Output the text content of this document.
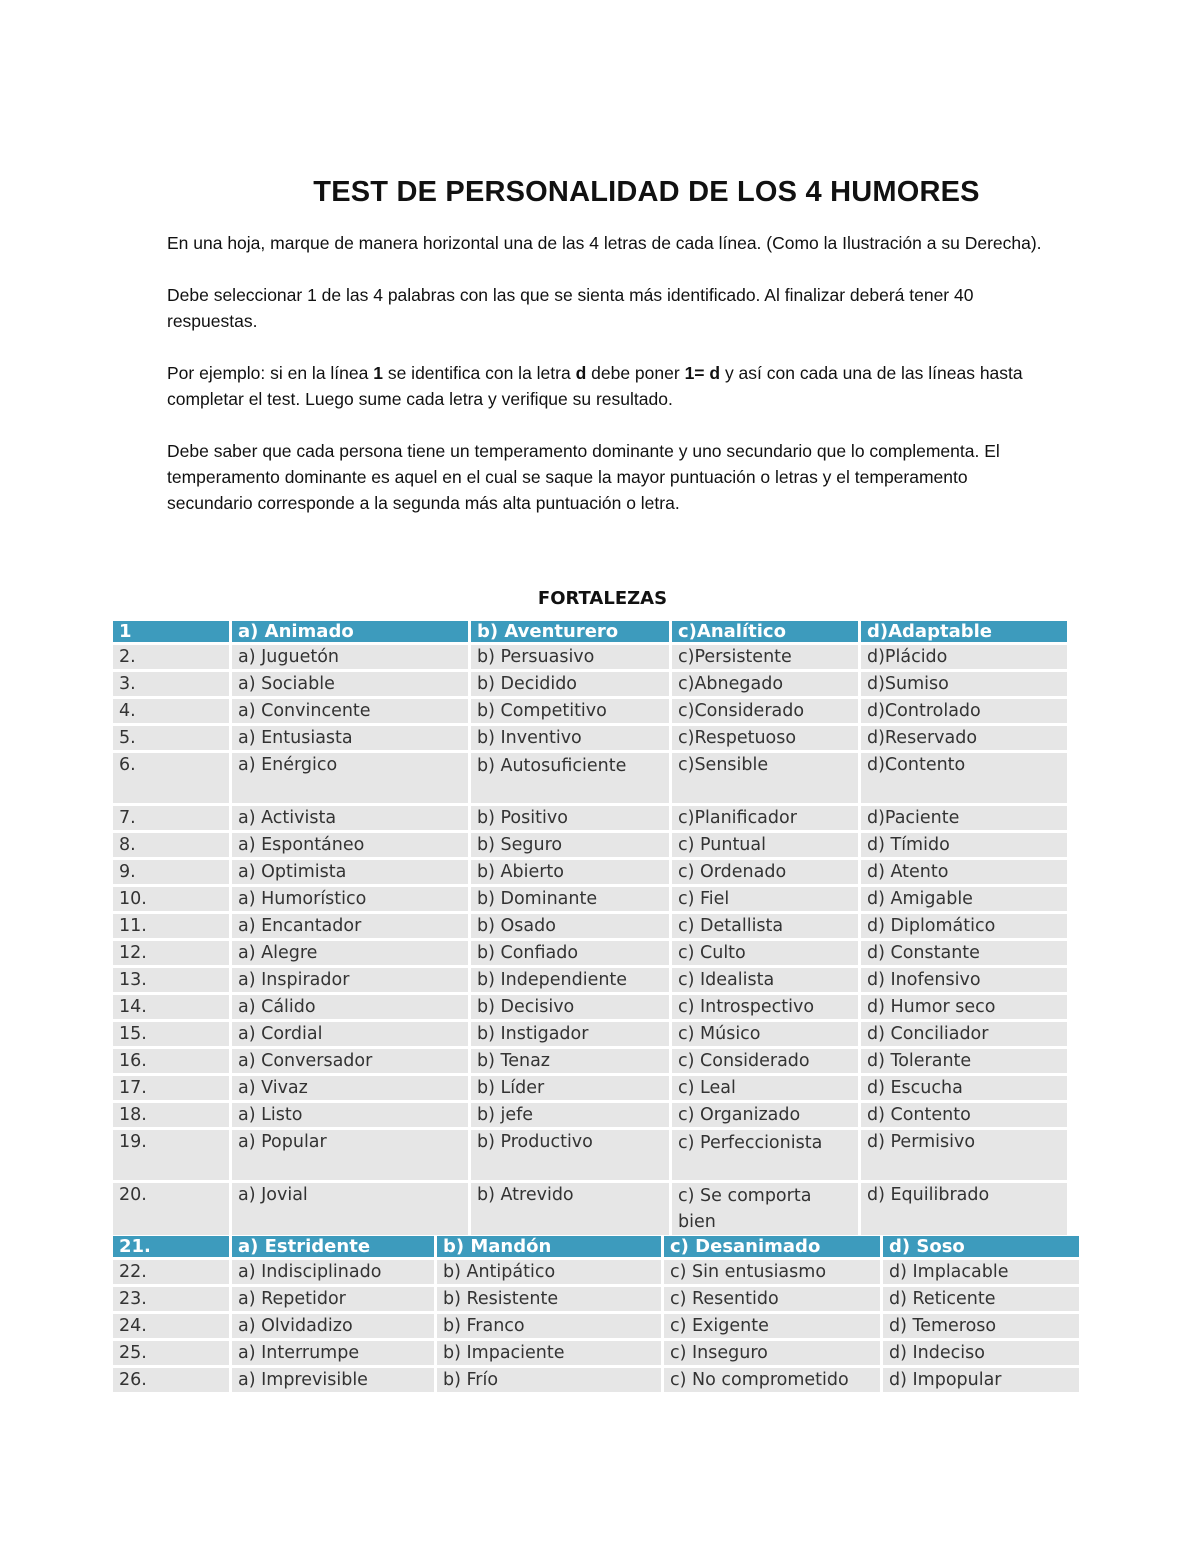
TEST DE PERSONALIDAD DE LOS 4 HUMORES

En una hoja, marque de manera horizontal una de las 4 letras de cada línea. (Como la Ilustración a su Derecha).

Debe seleccionar 1 de las 4 palabras con las que se sienta más identificado. Al finalizar deberá tener 40 respuestas.

Por ejemplo: si en la línea 1 se identifica con la letra d debe poner 1= d y así con cada una de las líneas hasta completar el test. Luego sume cada letra y verifique su resultado.

Debe saber que cada persona tiene un temperamento dominante y uno secundario que lo complementa. El temperamento dominante es aquel en el cual se saque la mayor puntuación o letras y el temperamento secundario corresponde a la segunda más alta puntuación o letra.

FORTALEZAS
1	a) Animado	b) Aventurero	c)Analítico	d)Adaptable
2.	a) Juguetón	b) Persuasivo	c)Persistente	d)Plácido
3.	a) Sociable	b) Decidido	c)Abnegado	d)Sumiso
4.	a) Convincente	b) Competitivo	c)Considerado	d)Controlado
5.	a) Entusiasta	b) Inventivo	c)Respetuoso	d)Reservado
6.	a) Enérgico	b) Autosuficiente	c)Sensible	d)Contento
7.	a) Activista	b) Positivo	c)Planificador	d)Paciente
8.	a) Espontáneo	b) Seguro	c) Puntual	d) Tímido
9.	a) Optimista	b) Abierto	c) Ordenado	d) Atento
10.	a) Humorístico	b) Dominante	c) Fiel	d) Amigable
11.	a) Encantador	b) Osado	c) Detallista	d) Diplomático
12.	a) Alegre	b) Confiado	c) Culto	d) Constante
13.	a) Inspirador	b) Independiente	c) Idealista	d) Inofensivo
14.	a) Cálido	b) Decisivo	c) Introspectivo	d) Humor seco
15.	a) Cordial	b) Instigador	c) Músico	d) Conciliador
16.	a) Conversador	b) Tenaz	c) Considerado	d) Tolerante
17.	a) Vivaz	b) Líder	c) Leal	d) Escucha
18.	a) Listo	b) jefe	c) Organizado	d) Contento
19.	a) Popular	b) Productivo	c) Perfeccionista	d) Permisivo
20.	a) Jovial	b) Atrevido	c) Se comporta bien	d) Equilibrado
21.	a) Estridente	b) Mandón	c) Desanimado	d) Soso
22.	a) Indisciplinado	b) Antipático	c) Sin entusiasmo	d) Implacable
23.	a) Repetidor	b) Resistente	c) Resentido	d) Reticente
24.	a) Olvidadizo	b) Franco	c) Exigente	d) Temeroso
25.	a) Interrumpe	b) Impaciente	c) Inseguro	d) Indeciso
26.	a) Imprevisible	b) Frío	c) No comprometido	d) Impopular
